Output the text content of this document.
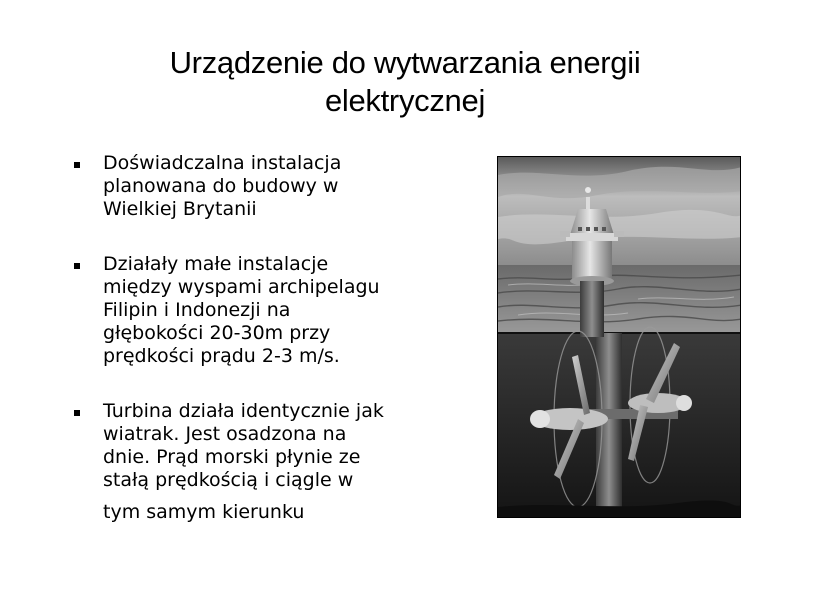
Urządzenie do wytwarzania energii elektrycznej
Doświadczalna instalacja
planowana do budowy w
Wielkiej Brytanii
Działały małe instalacje
między wyspami archipelagu
Filipin i Indonezji na
głębokości 20-30m przy
prędkości prądu 2-3 m/s.
Turbina działa identycznie jak
wiatrak. Jest osadzona na
dnie. Prąd morski płynie ze
stałą prędkością i ciągle w
tym samym kierunku
